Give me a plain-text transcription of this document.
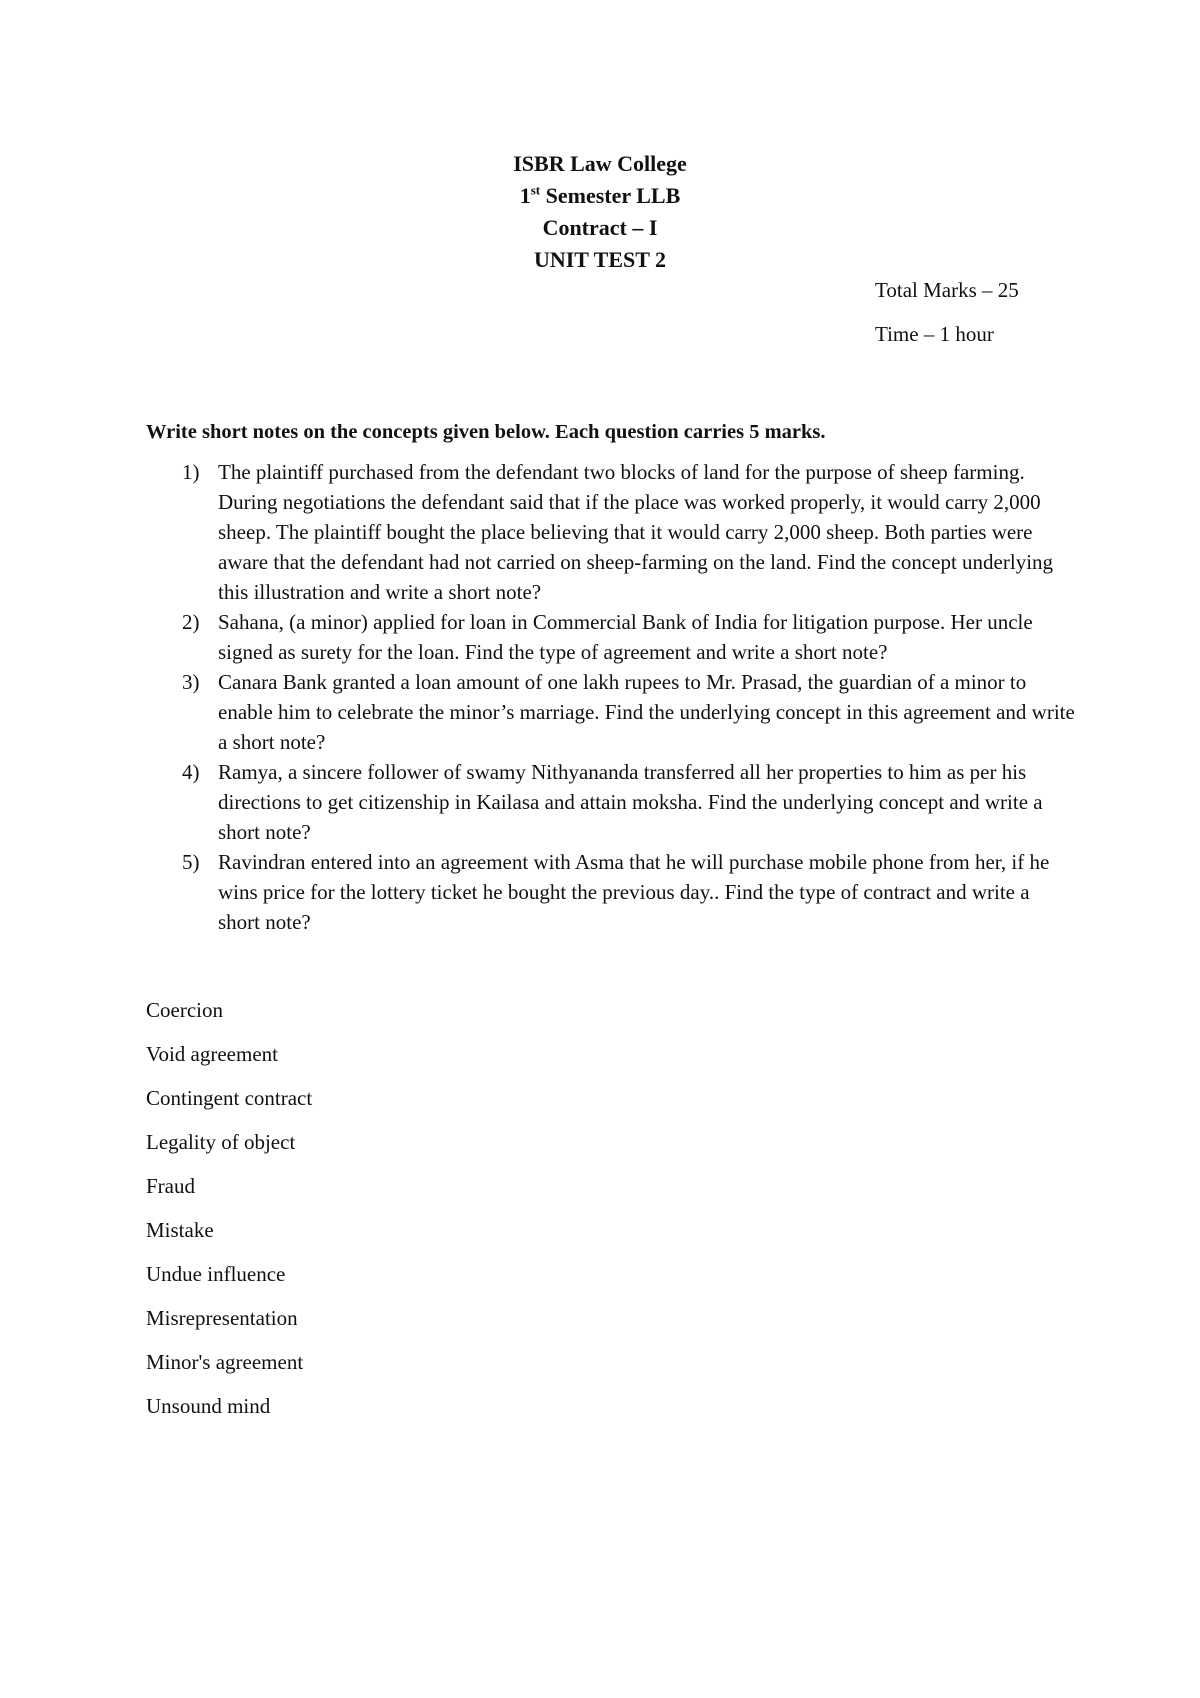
ISBR Law College
1st Semester LLB
Contract – I
UNIT TEST 2
Total Marks – 25
Time – 1 hour
Write short notes on the concepts given below. Each question carries 5 marks.
1) The plaintiff purchased from the defendant two blocks of land for the purpose of sheep farming. During negotiations the defendant said that if the place was worked properly, it would carry 2,000 sheep. The plaintiff bought the place believing that it would carry 2,000 sheep. Both parties were aware that the defendant had not carried on sheep-farming on the land. Find the concept underlying this illustration and write a short note?
2) Sahana, (a minor) applied for loan in Commercial Bank of India for litigation purpose. Her uncle signed as surety for the loan. Find the type of agreement and write a short note?
3) Canara Bank granted a loan amount of one lakh rupees to Mr. Prasad, the guardian of a minor to enable him to celebrate the minor’s marriage. Find the underlying concept in this agreement and write a short note?
4) Ramya, a sincere follower of swamy Nithyananda transferred all her properties to him as per his directions to get citizenship in Kailasa and attain moksha. Find the underlying concept and write a short note?
5) Ravindran entered into an agreement with Asma that he will purchase mobile phone from her, if he wins price for the lottery ticket he bought the previous day.. Find the type of contract and write a short note?
Coercion
Void agreement
Contingent contract
Legality of object
Fraud
Mistake
Undue influence
Misrepresentation
Minor's agreement
Unsound mind
